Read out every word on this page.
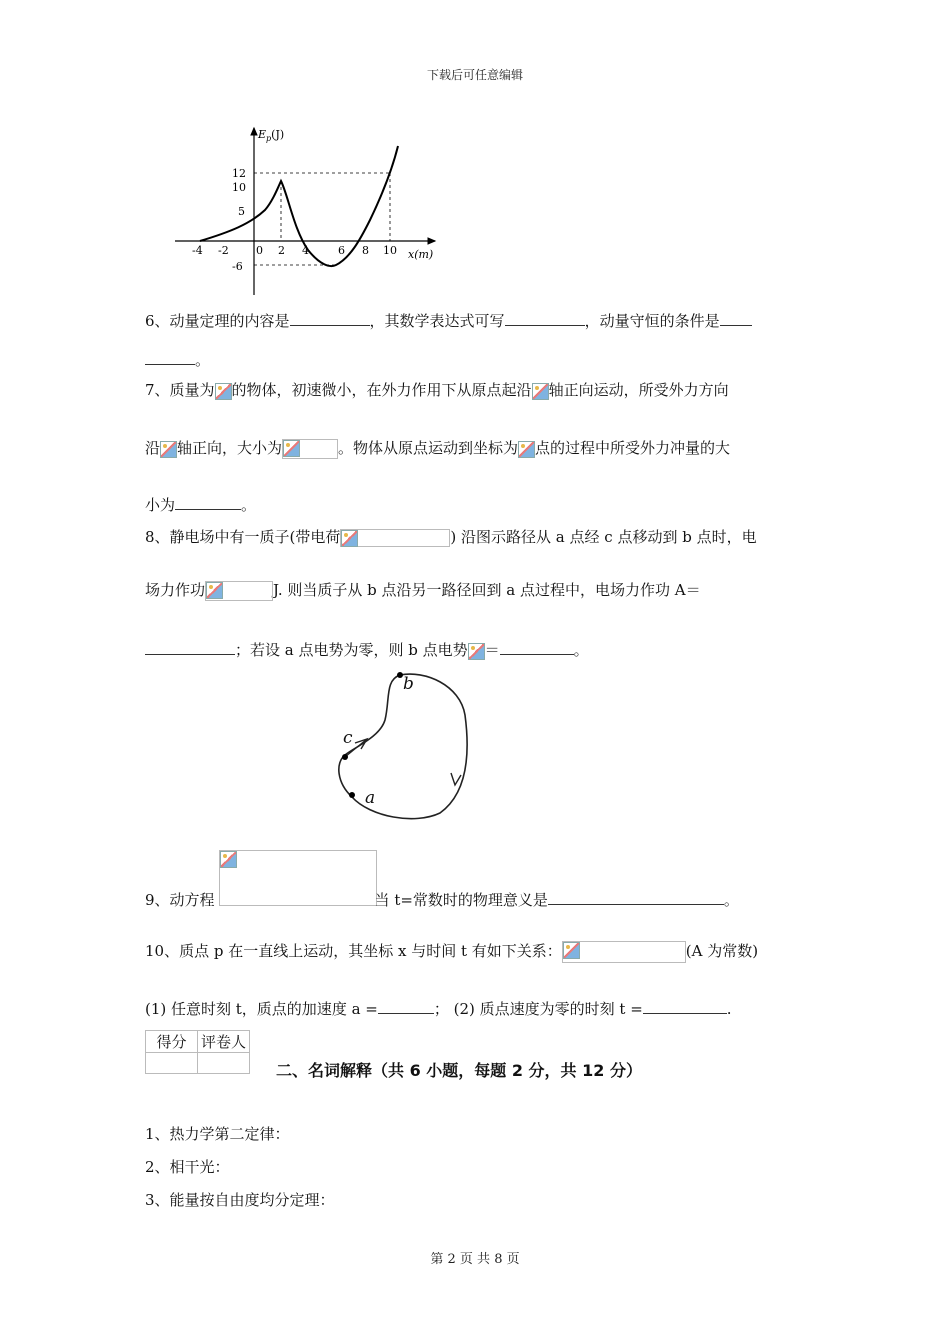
下载后可任意编辑
12
10
5
-6
-4 -2 0 2 4	6 8 10 x(m)
$E_p(J)$
6、动量定理的内容是	，其数学表达式可写	，动量守恒的条件是
。
7、质量为 的物体，初速微小，在外力作用下从原点起沿 轴正向运动，所受外力方向
沿 轴正向，大小为	。物体从原点运动到坐标为 点的过程中所受外力冲量的大
小为	。
8、静电场中有一质子(带电荷	) 沿图示路径从 a 点经 c 点移动到 b 点时，电
场力作功	J. 则当质子从 b 点沿另一路径回到 a 点过程中，电场力作功 A＝
；若设 a 点电势为零，则 b 点电势 ＝	。
b
c
a
9、动方程	当 t=常数时的物理意义是	。
10、质点 p 在一直线上运动，其坐标 x 与时间 t 有如下关系：	(A 为常数)
(1) 任意时刻 t，质点的加速度 a =	； (2) 质点速度为零的时刻 t =	.
得分	评卷人

二、名词解释（共 6 小题，每题 2 分，共 12 分）
1、热力学第二定律：
2、相干光：
3、能量按自由度均分定理：
第 2 页 共 8 页
